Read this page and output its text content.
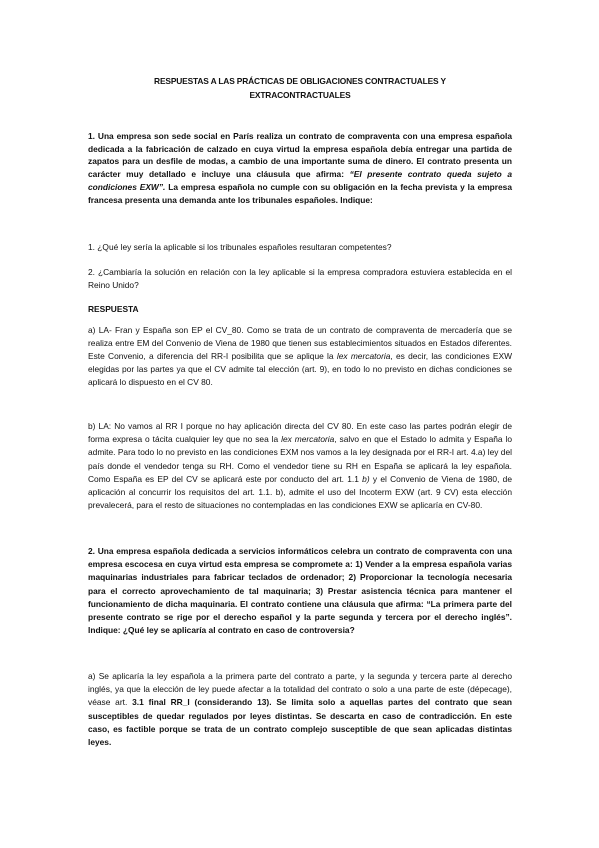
RESPUESTAS A LAS PRÁCTICAS DE OBLIGACIONES CONTRACTUALES Y
EXTRACONTRACTUALES

1. Una empresa son sede social en París realiza un contrato de compraventa con una empresa española dedicada a la fabricación de calzado en cuya virtud la empresa española debía entregar una partida de zapatos para un desfile de modas, a cambio de una importante suma de dinero. El contrato presenta un carácter muy detallado e incluye una cláusula que afirma: “El presente contrato queda sujeto a condiciones EXW”. La empresa española no cumple con su obligación en la fecha prevista y la empresa francesa presenta una demanda ante los tribunales españoles. Indique:

1. ¿Qué ley sería la aplicable si los tribunales españoles resultaran competentes?

2. ¿Cambiaría la solución en relación con la ley aplicable si la empresa compradora estuviera establecida en el Reino Unido?

RESPUESTA

a) LA- Fran y España son EP el CV_80. Como se trata de un contrato de compraventa de mercadería que se realiza entre EM del Convenio de Viena de 1980 que tienen sus establecimientos situados en Estados diferentes. Este Convenio, a diferencia del RR-I posibilita que se aplique la lex mercatoria, es decir, las condiciones EXW elegidas por las partes ya que el CV admite tal elección (art. 9), en todo lo no previsto en dichas condiciones se aplicará lo dispuesto en el CV 80.

b) LA: No vamos al RR I porque no hay aplicación directa del CV 80. En este caso las partes podrán elegir de forma expresa o tácita cualquier ley que no sea la lex mercatoria, salvo en que el Estado lo admita y España lo admite. Para todo lo no previsto en las condiciones EXM nos vamos a la ley designada por el RR-I art. 4.a) ley del país donde el vendedor tenga su RH. Como el vendedor tiene su RH en España se aplicará la ley española. Como España es EP del CV se aplicará este por conducto del art. 1.1 b) y el Convenio de Viena de 1980, de aplicación al concurrir los requisitos del art. 1.1. b), admite el uso del Incoterm EXW (art. 9 CV) esta elección prevalecerá, para el resto de situaciones no contempladas en las condiciones EXW se aplicaría en CV-80.

2. Una empresa española dedicada a servicios informáticos celebra un contrato de compraventa con una empresa escocesa en cuya virtud esta empresa se compromete a: 1) Vender a la empresa española varias maquinarias industriales para fabricar teclados de ordenador; 2) Proporcionar la tecnología necesaria para el correcto aprovechamiento de tal maquinaria; 3) Prestar asistencia técnica para mantener el funcionamiento de dicha maquinaria. El contrato contiene una cláusula que afirma: “La primera parte del presente contrato se rige por el derecho español y la parte segunda y tercera por el derecho inglés”. Indique: ¿Qué ley se aplicaría al contrato en caso de controversia?

a) Se aplicaría la ley española a la primera parte del contrato a parte, y la segunda y tercera parte al derecho inglés, ya que la elección de ley puede afectar a la totalidad del contrato o solo a una parte de este (dépecage), véase art. 3.1 final RR_I (considerando 13). Se limita solo a aquellas partes del contrato que sean susceptibles de quedar regulados por leyes distintas. Se descarta en caso de contradicción. En este caso, es factible porque se trata de un contrato complejo susceptible de que sean aplicadas distintas leyes.
